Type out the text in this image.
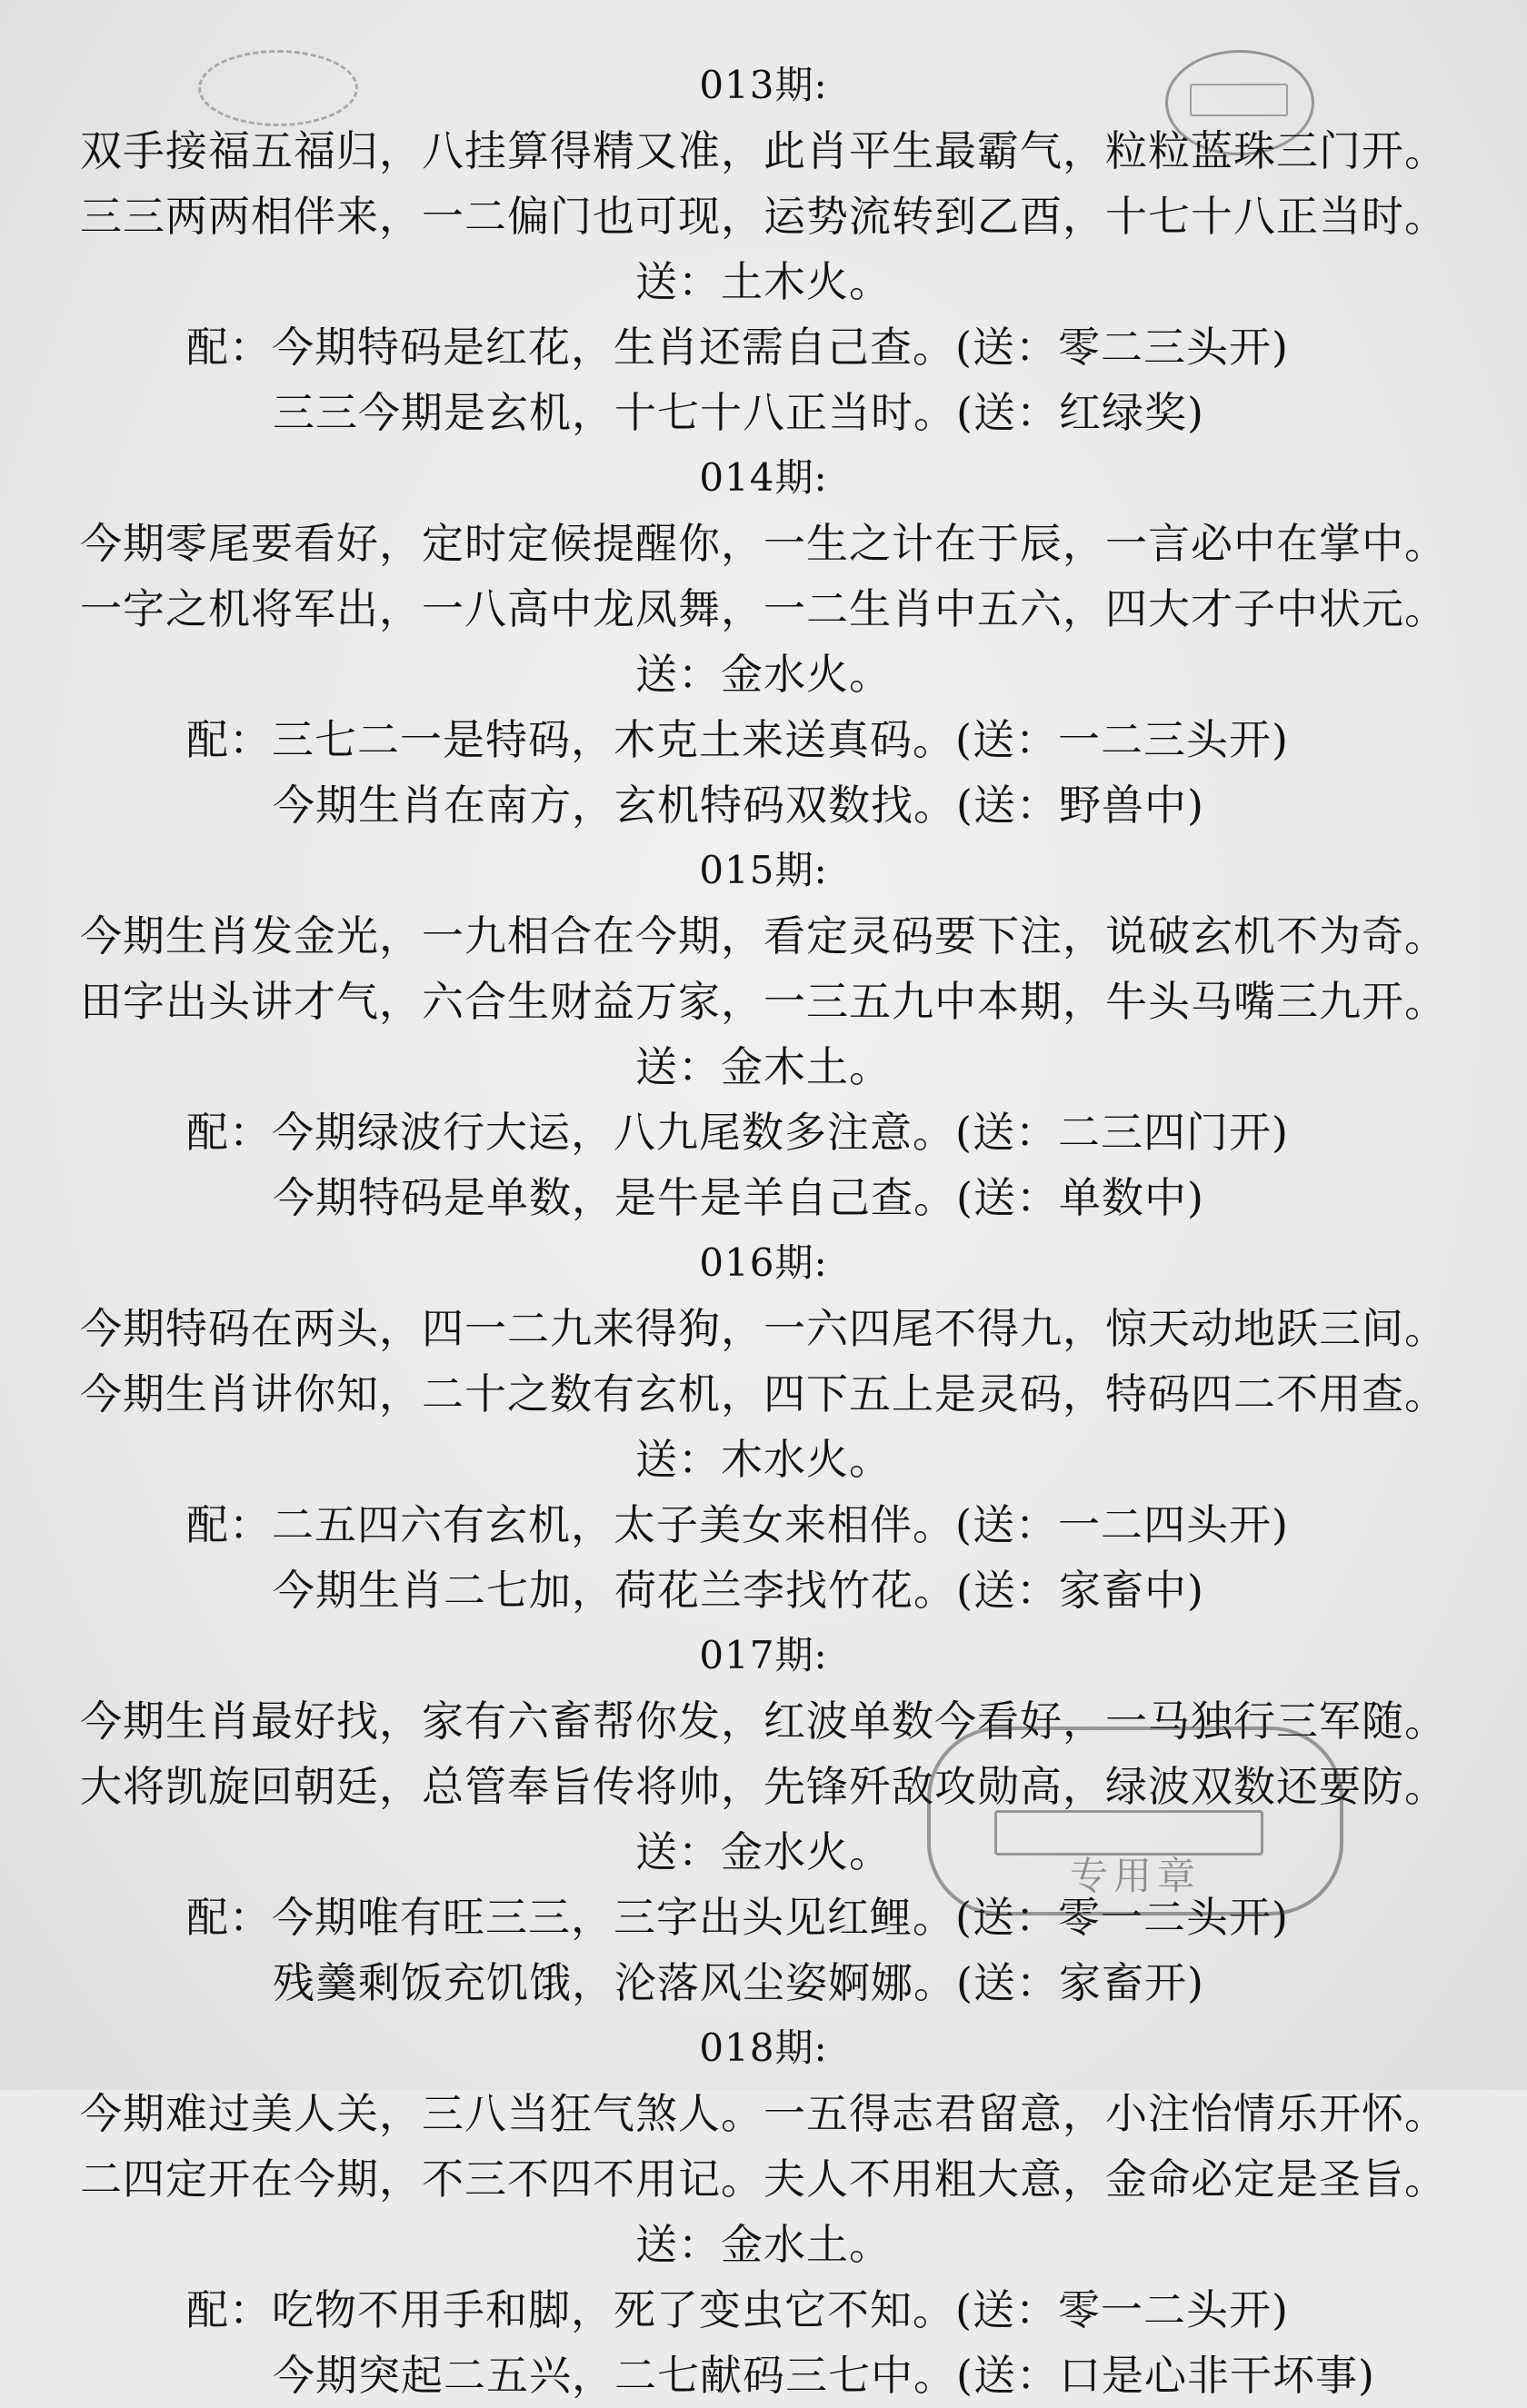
013期:
双手接福五福归，八挂算得精又准，此肖平生最霸气，粒粒蓝珠三门开。
三三两两相伴来，一二偏门也可现，运势流转到乙酉，十七十八正当时。
送：土木火。
配：今期特码是红花，生肖还需自己查。(送：零二三头开)
三三今期是玄机，十七十八正当时。(送：红绿奖)
014期:
今期零尾要看好，定时定候提醒你，一生之计在于辰，一言必中在掌中。
一字之机将军出，一八高中龙凤舞，一二生肖中五六，四大才子中状元。
送：金水火。
配：三七二一是特码，木克土来送真码。(送：一二三头开)
今期生肖在南方，玄机特码双数找。(送：野兽中)
015期:
今期生肖发金光，一九相合在今期，看定灵码要下注，说破玄机不为奇。
田字出头讲才气，六合生财益万家，一三五九中本期，牛头马嘴三九开。
送：金木土。
配：今期绿波行大运，八九尾数多注意。(送：二三四门开)
今期特码是单数，是牛是羊自己查。(送：单数中)
016期:
今期特码在两头，四一二九来得狗，一六四尾不得九，惊天动地跃三间。
今期生肖讲你知，二十之数有玄机，四下五上是灵码，特码四二不用查。
送：木水火。
配：二五四六有玄机，太子美女来相伴。(送：一二四头开)
今期生肖二七加，荷花兰李找竹花。(送：家畜中)
017期:
今期生肖最好找，家有六畜帮你发，红波单数今看好，一马独行三军随。
大将凯旋回朝廷，总管奉旨传将帅，先锋歼敌攻勋高，绿波双数还要防。
送：金水火。
配：今期唯有旺三三，三字出头见红鲤。(送：零一二头开)
残羹剩饭充饥饿，沦落风尘姿婀娜。(送：家畜开)
018期:
今期难过美人关，三八当狂气煞人。一五得志君留意，小注怡情乐开怀。
二四定开在今期，不三不四不用记。夫人不用粗大意，金命必定是圣旨。
送：金水土。
配：吃物不用手和脚，死了变虫它不知。(送：零一二头开)
今期突起二五兴，二七献码三七中。(送：口是心非干坏事)
专用章
